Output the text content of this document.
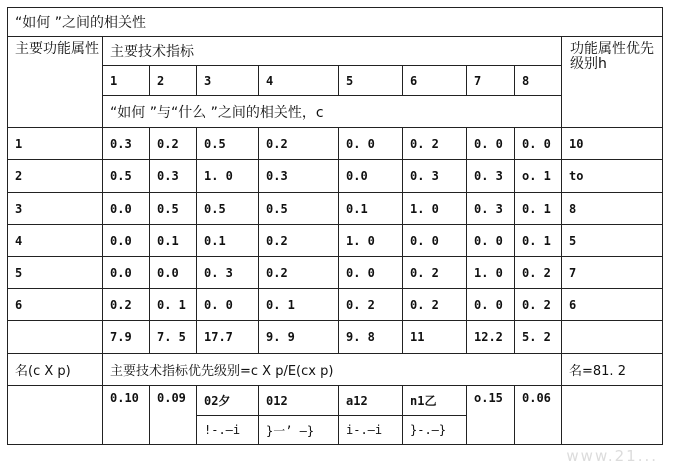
“如何 ”之间的相关性									
主要功能属性	主要技术指标								功能属性优先级别h
	1	2	3	4	5	6	7	8	
	“如何 ”与“什么 ”之间的相关性，c								
1	0.3	0.2	0.5	0.2	0. 0	0. 2	0. 0	0. 0	10
2	0.5	0.3	1. 0	0.3	0.0	0. 3	0. 3	o. 1	to
3	0.0	0.5	0.5	0.5	0.1	1. 0	0. 3	0. 1	8
4	0.0	0.1	0.1	0.2	1. 0	0. 0	0. 0	0. 1	5
5	0.0	0.0	0. 3	0.2	0. 0	0. 2	1. 0	0. 2	7
6	0.2	0. 1	0. 0	0. 1	0. 2	0. 2	0. 0	0. 2	6
	7.9	7. 5	17.7	9. 9	9. 8	11	12.2	5. 2	
名(c X p)	主要技术指标优先级别=c X p/E(cx p)								名=81. 2
	0.10	0.09	02夕	012	a12	n1乙	o.15	0.06	
			!-.—i	}一’ —}	i-.—i	}-.—}			
www.21...
